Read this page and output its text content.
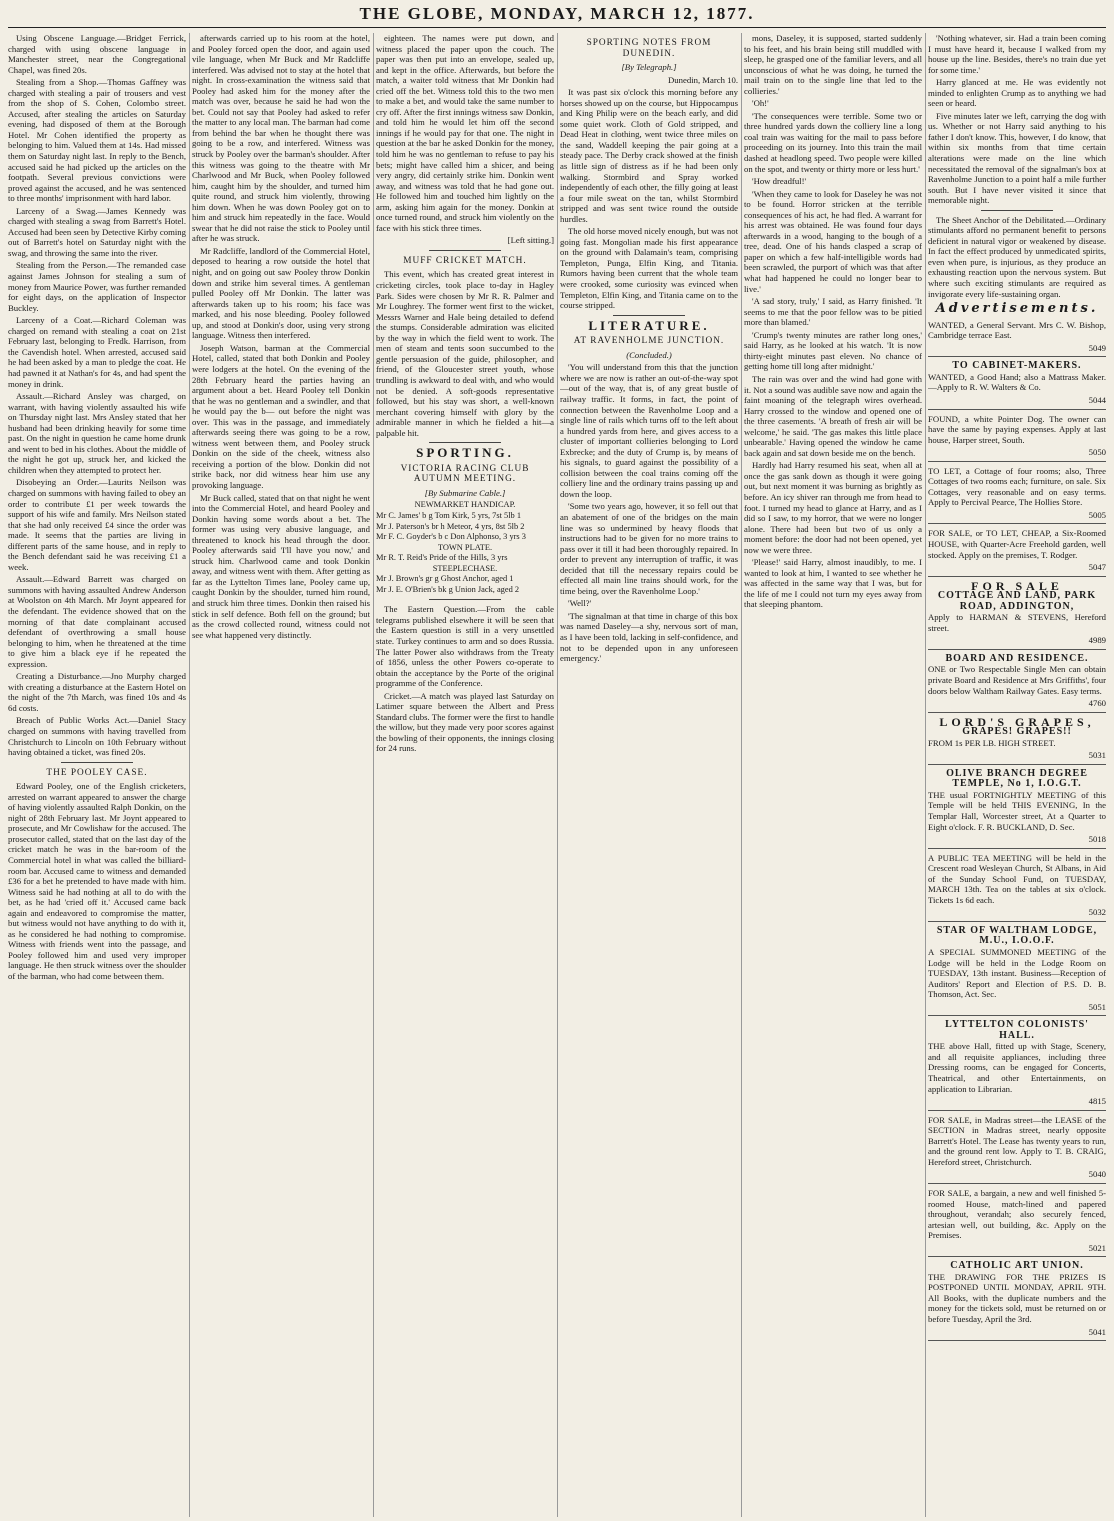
THE GLOBE, MONDAY, MARCH 12, 1877.

Using Obscene Language.—Bridget Ferrick, charged with using obscene language in Manchester street, near the Congregational Chapel, was fined 20s.

Stealing from a Shop.—Thomas Gaffney was charged with stealing a pair of trousers and vest from the shop of S. Cohen, Colombo street. Accused, after stealing the articles on Saturday evening, had disposed of them at the Borough Hotel. Mr Cohen identified the property as belonging to him. Valued them at 14s. Had missed them on Saturday night last. In reply to the Bench, accused said he had picked up the articles on the footpath. Several previous convictions were proved against the accused, and he was sentenced to three months' imprisonment with hard labor.

Larceny of a Swag.—James Kennedy was charged with stealing a swag from Barrett's Hotel. Accused had been seen by Detective Kirby coming out of Barrett's hotel on Saturday night with the swag, and throwing the same into the river.

Stealing from the Person.—The remanded case against James Johnson for stealing a sum of money from Maurice Power, was further remanded for eight days, on the application of Inspector Buckley.

Larceny of a Coat.—Richard Coleman was charged on remand with stealing a coat on 21st February last, belonging to Fredk. Harrison, from the Cavendish hotel. When arrested, accused said he had been asked by a man to pledge the coat. He had pawned it at Nathan's for 4s, and had spent the money in drink.

Assault.—Richard Ansley was charged, on warrant, with having violently assaulted his wife on Thursday night last. Mrs Ansley stated that her husband had been drinking heavily for some time past. On the night in question he came home drunk and went to bed in his clothes. About the middle of the night he got up, struck her, and kicked the children when they attempted to protect her.

Disobeying an Order.—Laurits Neilson was charged on summons with having failed to obey an order to contribute £1 per week towards the support of his wife and family. Mrs Neilson stated that she had only received £4 since the order was made. It seems that the parties are living in different parts of the same house, and in reply to the Bench defendant said he was receiving £1 a week.

Assault.—Edward Barrett was charged on summons with having assaulted Andrew Anderson at Woolston on 4th March. Mr Joynt appeared for the defendant. The evidence showed that on the morning of that date complainant accused defendant of overthrowing a small house belonging to him, when he threatened at the time to give him a black eye if he repeated the expression.

Creating a Disturbance.—Jno Murphy charged with creating a disturbance at the Eastern Hotel on the night of the 7th March, was fined 10s and 4s 6d costs.

Breach of Public Works Act.—Daniel Stacy charged on summons with having travelled from Christchurch to Lincoln on 10th February without having obtained a ticket, was fined 20s.

THE POOLEY CASE.

Edward Pooley, one of the English cricketers, arrested on warrant appeared to answer the charge of having violently assaulted Ralph Donkin, on the night of 28th February last. Mr Joynt appeared to prosecute, and Mr Cowlishaw for the accused. The prosecutor called, stated that on the last day of the cricket match he was in the bar-room of the Commercial hotel in what was called the billiard-room bar. Accused came to witness and demanded £36 for a bet he pretended to have made with him. Witness said he had nothing at all to do with the bet, as he had 'cried off it.' Accused came back again and endeavored to compromise the matter, but witness would not have anything to do with it, as he considered he had nothing to compromise. Witness with friends went into the passage, and Pooley followed him and used very improper language. He then struck witness over the shoulder of the barman, who had come between them.

afterwards carried up to his room at the hotel, and Pooley forced open the door, and again used vile language, when Mr Buck and Mr Radcliffe interfered. Was advised not to stay at the hotel that night. In cross-examination the witness said that Pooley had asked him for the money after the match was over, because he said he had won the bet. Could not say that Pooley had asked to refer the matter to any local man. The barman had come from behind the bar when he thought there was going to be a row, and interfered. Witness was struck by Pooley over the barman's shoulder. After this witness was going to the theatre with Mr Charlwood and Mr Buck, when Pooley followed him, caught him by the shoulder, and turned him quite round, and struck him violently, throwing him down. When he was down Pooley got on to him and struck him repeatedly in the face. Would swear that he did not raise the stick to Pooley until after he was struck.

Mr Radcliffe, landlord of the Commercial Hotel, deposed to hearing a row outside the hotel that night, and on going out saw Pooley throw Donkin down and strike him several times. A gentleman pulled Pooley off Mr Donkin. The latter was afterwards taken up to his room; his face was marked, and his nose bleeding. Pooley followed up, and stood at Donkin's door, using very strong language. Witness then interfered.

Joseph Watson, barman at the Commercial Hotel, called, stated that both Donkin and Pooley were lodgers at the hotel. On the evening of the 28th February heard the parties having an argument about a bet. Heard Pooley tell Donkin that he was no gentleman and a swindler, and that he would pay the b— out before the night was over. This was in the passage, and immediately afterwards seeing there was going to be a row, witness went between them, and Pooley struck Donkin on the side of the cheek, witness also receiving a portion of the blow. Donkin did not strike back, nor did witness hear him use any provoking language.

Mr Buck called, stated that on that night he went into the Commercial Hotel, and heard Pooley and Donkin having some words about a bet. The former was using very abusive language, and threatened to knock his head through the door. Pooley afterwards said 'I'll have you now,' and struck him. Charlwood came and took Donkin away, and witness went with them. After getting as far as the Lyttelton Times lane, Pooley came up, caught Donkin by the shoulder, turned him round, and struck him three times. Donkin then raised his stick in self defence. Both fell on the ground; but as the crowd collected round, witness could not see what happened very distinctly.

eighteen. The names were put down, and witness placed the paper upon the couch. The paper was then put into an envelope, sealed up, and kept in the office. Afterwards, but before the match, a waiter told witness that Mr Donkin had cried off the bet. Witness told this to the two men to make a bet, and would take the same number to cry off. After the first innings witness saw Donkin, and told him he would let him off the second innings if he would pay for that one. The night in question at the bar he asked Donkin for the money, told him he was no gentleman to refuse to pay his bets; might have called him a shicer, and being very angry, did certainly strike him. Donkin went away, and witness was told that he had gone out. He followed him and touched him lightly on the arm, asking him again for the money. Donkin at once turned round, and struck him violently on the face with his stick three times.

[Left sitting.]

MUFF CRICKET MATCH.

This event, which has created great interest in cricketing circles, took place to-day in Hagley Park. Sides were chosen by Mr R. R. Palmer and Mr Loughrey. The former went first to the wicket, Messrs Warner and Hale being detailed to defend the stumps. Considerable admiration was elicited by the way in which the field went to work. The men of steam and tents soon succumbed to the gentle persuasion of the guide, philosopher, and friend, of the Gloucester street youth, whose trundling is awkward to deal with, and who would not be denied. A soft-goods representative followed, but his stay was short, a well-known merchant covering himself with glory by the admirable manner in which he fielded a hit—a palpable hit.

SPORTING.
VICTORIA RACING CLUB AUTUMN MEETING.
[By Submarine Cable.]
NEWMARKET HANDICAP.
Mr C. James' b g Tom Kirk, 5 yrs, 7st 5lb 1
Mr J. Paterson's br h Meteor, 4 yrs, 8st 5lb 2
Mr F. C. Goyder's b c Don Alphonso, 3 yrs 3
TOWN PLATE.
Mr R. T. Reid's Pride of the Hills, 3 yrs
STEEPLECHASE.
Mr J. Brown's gr g Ghost Anchor, aged 1
Mr J. E. O'Brien's bk g Union Jack, aged 2

The Eastern Question.—From the cable telegrams published elsewhere it will be seen that the Eastern question is still in a very unsettled state. Turkey continues to arm and so does Russia. The latter Power also withdraws from the Treaty of 1856, unless the other Powers co-operate to obtain the acceptance by the Porte of the original programme of the Conference.

Cricket.—A match was played last Saturday on Latimer square between the Albert and Press Standard clubs. The former were the first to handle the willow, but they made very poor scores against the bowling of their opponents, the innings closing for 24 runs.

SPORTING NOTES FROM DUNEDIN.
[By Telegraph.]

Dunedin, March 10.

It was past six o'clock this morning before any horses showed up on the course, but Hippocampus and King Philip were on the beach early, and did some quiet work. Cloth of Gold stripped, and Dead Heat in clothing, went twice three miles on the sand, Waddell keeping the pair going at a steady pace. The Derby crack showed at the finish as little sign of distress as if he had been only walking. Stormbird and Spray worked independently of each other, the filly going at least a four mile sweat on the tan, whilst Stormbird stripped and was sent twice round the outside hurdles.

The old horse moved nicely enough, but was not going fast. Mongolian made his first appearance on the ground with Dalamain's team, comprising Templeton, Punga, Elfin King, and Titania. Rumors having been current that the whole team were crooked, some curiosity was evinced when Templeton, Elfin King, and Titania came on to the course stripped.

LITERATURE.
AT RAVENHOLME JUNCTION.
(Concluded.)

'You will understand from this that the junction where we are now is rather an out-of-the-way spot—out of the way, that is, of any great bustle of railway traffic. It forms, in fact, the point of connection between the Ravenholme Loop and a single line of rails which turns off to the left about a hundred yards from here, and gives access to a cluster of important collieries belonging to Lord Exbrecke; and the duty of Crump is, by means of his signals, to guard against the possibility of a collision between the coal trains coming off the colliery line and the ordinary trains passing up and down the loop.

'Some two years ago, however, it so fell out that an abatement of one of the bridges on the main line was so undermined by heavy floods that instructions had to be given for no more trains to pass over it till it had been thoroughly repaired. In order to prevent any interruption of traffic, it was decided that till the necessary repairs could be effected all main line trains should work, for the time being, over the Ravenholme Loop.'

'Well?'

'The signalman at that time in charge of this box was named Daseley—a shy, nervous sort of man, as I have been told, lacking in self-confidence, and not to be depended upon in any unforeseen emergency.'

mons, Daseley, it is supposed, started suddenly to his feet, and his brain being still muddled with sleep, he grasped one of the familiar levers, and all unconscious of what he was doing, he turned the mail train on to the single line that led to the collieries.'

'Oh!'

'The consequences were terrible. Some two or three hundred yards down the colliery line a long coal train was waiting for the mail to pass before proceeding on its journey. Into this train the mail dashed at headlong speed. Two people were killed on the spot, and twenty or thirty more or less hurt.'

'How dreadful!'

'When they came to look for Daseley he was not to be found. Horror stricken at the terrible consequences of his act, he had fled. A warrant for his arrest was obtained. He was found four days afterwards in a wood, hanging to the bough of a tree, dead. One of his hands clasped a scrap of paper on which a few half-intelligible words had been scrawled, the purport of which was that after what had happened he could no longer bear to live.'

'A sad story, truly,' I said, as Harry finished. 'It seems to me that the poor fellow was to be pitied more than blamed.'

'Crump's twenty minutes are rather long ones,' said Harry, as he looked at his watch. 'It is now thirty-eight minutes past eleven. No chance of getting home till long after midnight.'

The rain was over and the wind had gone with it. Not a sound was audible save now and again the faint moaning of the telegraph wires overhead. Harry crossed to the window and opened one of the three casements. 'A breath of fresh air will be welcome,' he said. 'The gas makes this little place unbearable.' Having opened the window he came back again and sat down beside me on the bench.

Hardly had Harry resumed his seat, when all at once the gas sank down as though it were going out, but next moment it was burning as brightly as before. An icy shiver ran through me from head to foot. I turned my head to glance at Harry, and as I did so I saw, to my horror, that we were no longer alone. There had been but two of us only a moment before: the door had not been opened, yet now we were three.

'Please!' said Harry, almost inaudibly, to me. I wanted to look at him, I wanted to see whether he was affected in the same way that I was, but for the life of me I could not turn my eyes away from that sleeping phantom.

'Nothing whatever, sir. Had a train been coming I must have heard it, because I walked from my house up the line. Besides, there's no train due yet for some time.'

Harry glanced at me. He was evidently not minded to enlighten Crump as to anything we had seen or heard.

Five minutes later we left, carrying the dog with us. Whether or not Harry said anything to his father I don't know. This, however, I do know, that within six months from that time certain alterations were made on the line which necessitated the removal of the signalman's box at Ravenholme Junction to a point half a mile further south. But I have never visited it since that memorable night.

The Sheet Anchor of the Debilitated.—Ordinary stimulants afford no permanent benefit to persons deficient in natural vigor or weakened by disease. In fact the effect produced by unmedicated spirits, even when pure, is injurious, as they produce an exhausting reaction upon the nervous system. But where such exciting stimulants are required as invigorate every life-sustaining organ.

Advertisements.

WANTED, a General Servant. Mrs C. W. Bishop, Cambridge terrace East.

5049
TO CABINET-MAKERS.

WANTED, a Good Hand; also a Mattrass Maker.—Apply to R. W. Walters & Co.

5044

FOUND, a white Pointer Dog. The owner can have the same by paying expenses. Apply at last house, Harper street, South.

5050

TO LET, a Cottage of four rooms; also, Three Cottages of two rooms each; furniture, on sale. Six Cottages, very reasonable and on easy terms. Apply to Percival Pearce, The Hollies Store.

5005

FOR SALE, or TO LET, CHEAP, a Six-Roomed HOUSE, with Quarter-Acre Freehold garden, well stocked. Apply on the premises, T. Rodger.

5047
FOR SALE
COTTAGE AND LAND, PARK ROAD, ADDINGTON,

Apply to HARMAN & STEVENS, Hereford street.

4989
BOARD AND RESIDENCE.

ONE or Two Respectable Single Men can obtain private Board and Residence at Mrs Griffiths', four doors below Waltham Railway Gates. Easy terms.

4760
LORD'S GRAPES,
GRAPES! GRAPES!!

FROM 1s PER LB. HIGH STREET.

5031
OLIVE BRANCH DEGREE TEMPLE, No 1, I.O.G.T.

THE usual FORTNIGHTLY MEETING of this Temple will be held THIS EVENING, In the Templar Hall, Worcester street, At a Quarter to Eight o'clock. F. R. BUCKLAND, D. Sec.

5018

A PUBLIC TEA MEETING will be held in the Crescent road Wesleyan Church, St Albans, in Aid of the Sunday School Fund, on TUESDAY, MARCH 13th. Tea on the tables at six o'clock. Tickets 1s 6d each.

5032
STAR OF WALTHAM LODGE, M.U., I.O.O.F.

A SPECIAL SUMMONED MEETING of the Lodge will be held in the Lodge Room on TUESDAY, 13th instant. Business—Reception of Auditors' Report and Election of P.S. D. B. Thomson, Act. Sec.

5051
LYTTELTON COLONISTS' HALL.

THE above Hall, fitted up with Stage, Scenery, and all requisite appliances, including three Dressing rooms, can be engaged for Concerts, Theatrical, and other Entertainments, on application to Librarian.

4815

FOR SALE, in Madras street—the LEASE of the SECTION in Madras street, nearly opposite Barrett's Hotel. The Lease has twenty years to run, and the ground rent low. Apply to T. B. CRAIG, Hereford street, Christchurch.

5040

FOR SALE, a bargain, a new and well finished 5-roomed House, match-lined and papered throughout, verandah; also securely fenced, artesian well, out building, &c. Apply on the Premises.

5021
CATHOLIC ART UNION.

THE DRAWING FOR THE PRIZES IS POSTPONED UNTIL MONDAY, APRIL 9TH. All Books, with the duplicate numbers and the money for the tickets sold, must be returned on or before Tuesday, April the 3rd.

5041
